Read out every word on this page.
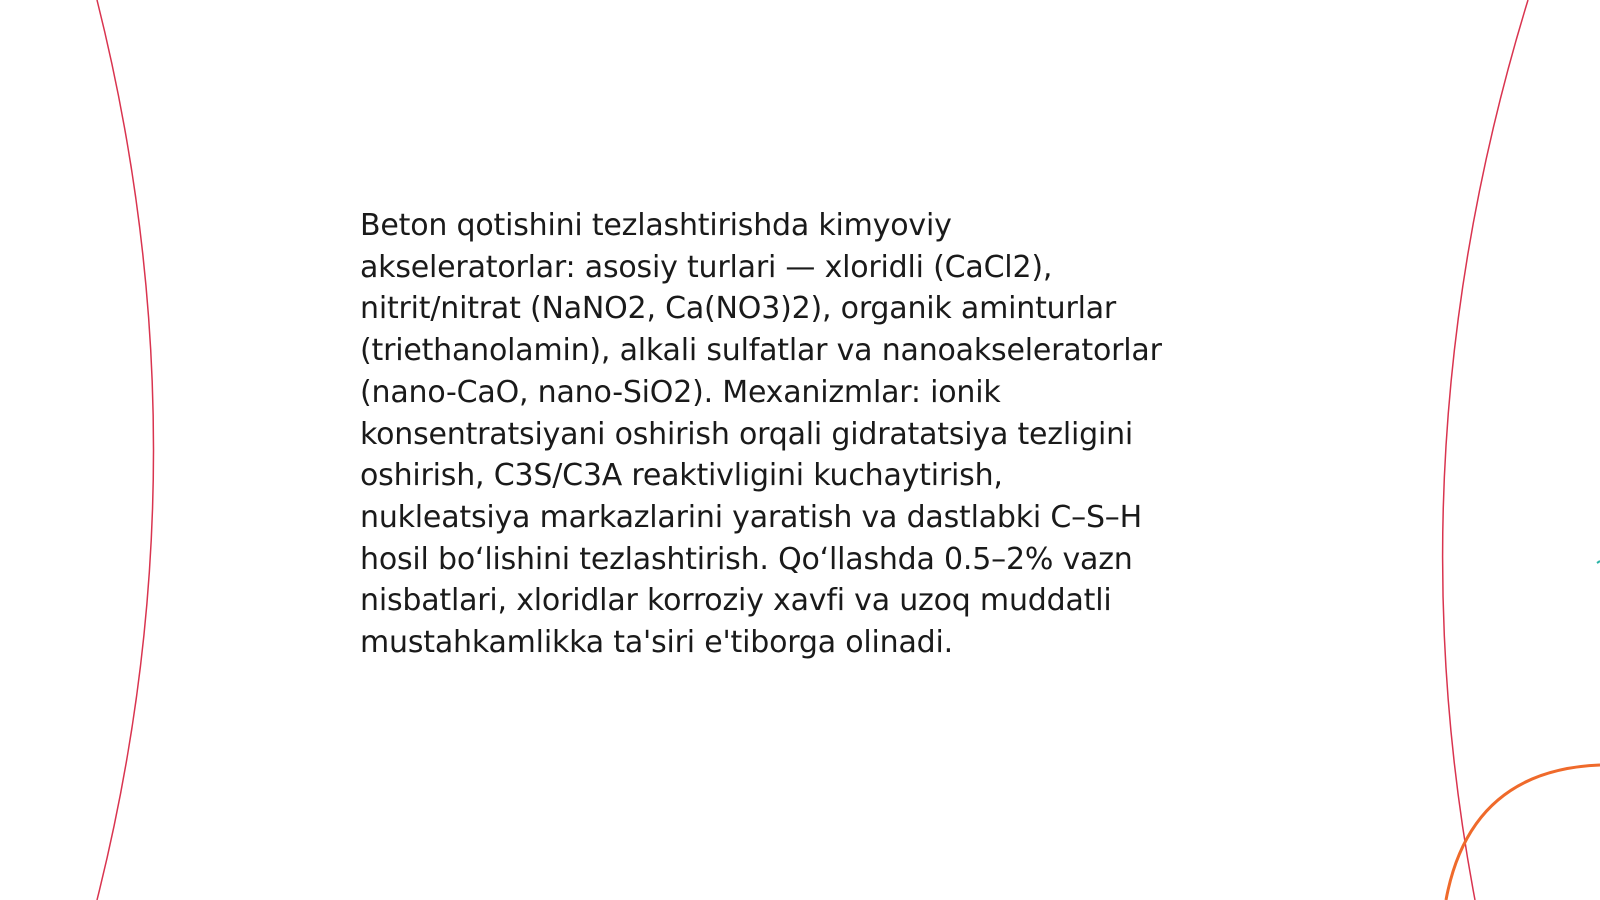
Beton qotishini tezlashtirishda kimyoviy
akseleratorlar: asosiy turlari — xloridli (CaCl2),
nitrit/nitrat (NaNO2, Ca(NO3)2), organik aminturlar
(triethanolamin), alkali sulfatlar va nanoakseleratorlar
(nano-CaO, nano-SiO2). Mexanizmlar: ionik
konsentratsiyani oshirish orqali gidratatsiya tezligini
oshirish, C3S/C3A reaktivligini kuchaytirish,
nukleatsiya markazlarini yaratish va dastlabki C–S–H
hosil bo‘lishini tezlashtirish. Qo‘llashda 0.5–2% vazn
nisbatlari, xloridlar korroziy xavfi va uzoq muddatli
mustahkamlikka ta'siri e'tiborga olinadi.
